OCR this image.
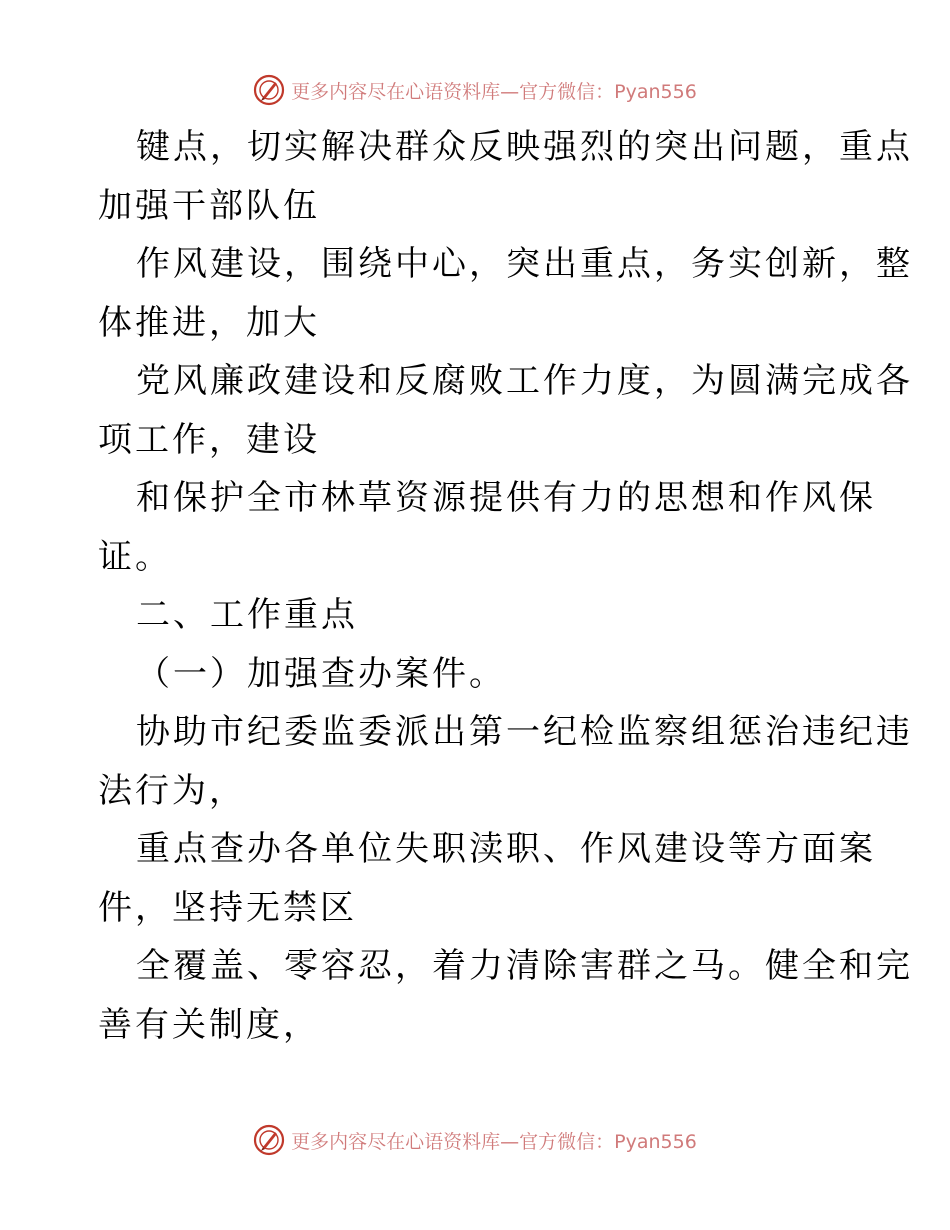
更多内容尽在心语资料库—官方微信：Pyan556
键点，切实解决群众反映强烈的突出问题，重点
加强干部队伍
作风建设，围绕中心，突出重点，务实创新，整
体推进，加大
党风廉政建设和反腐败工作力度，为圆满完成各
项工作，建设
和保护全市林草资源提供有力的思想和作风保
证。
二、工作重点
（一）加强查办案件。
协助市纪委监委派出第一纪检监察组惩治违纪违
法行为，
重点查办各单位失职渎职、作风建设等方面案
件，坚持无禁区
全覆盖、零容忍，着力清除害群之马。健全和完
善有关制度，
更多内容尽在心语资料库—官方微信：Pyan556
